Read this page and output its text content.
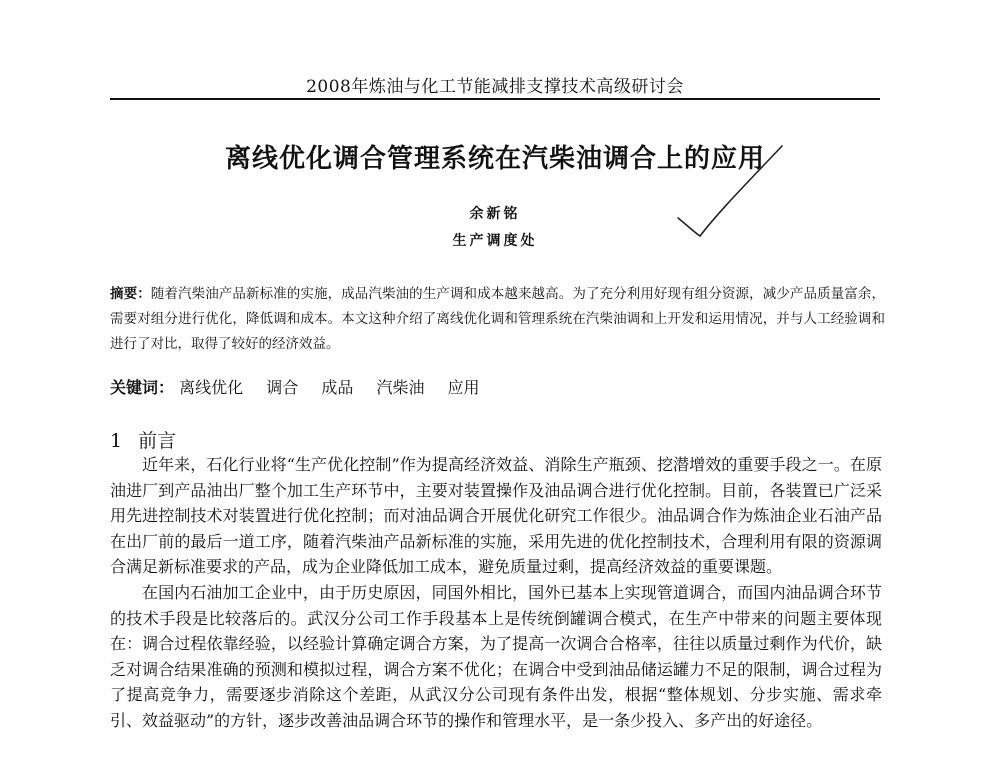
2008年炼油与化工节能减排支撑技术高级研讨会
离线优化调合管理系统在汽柴油调合上的应用
余新铭
生产调度处
摘要：随着汽柴油产品新标准的实施，成品汽柴油的生产调和成本越来越高。为了充分利用好现有组分资源，减少产品质量富余，需要对组分进行优化，降低调和成本。本文这种介绍了离线优化调和管理系统在汽柴油调和上开发和运用情况，并与人工经验调和进行了对比，取得了较好的经济效益。
关键词： 离线优化 调合 成品 汽柴油 应用
1 前言

近年来，石化行业将“生产优化控制”作为提高经济效益、消除生产瓶颈、挖潜增效的重要手段之一。在原油进厂到产品油出厂整个加工生产环节中，主要对装置操作及油品调合进行优化控制。目前，各装置已广泛采用先进控制技术对装置进行优化控制；而对油品调合开展优化研究工作很少。油品调合作为炼油企业石油产品在出厂前的最后一道工序，随着汽柴油产品新标准的实施，采用先进的优化控制技术，合理利用有限的资源调合满足新标准要求的产品，成为企业降低加工成本，避免质量过剩，提高经济效益的重要课题。

在国内石油加工企业中，由于历史原因，同国外相比，国外已基本上实现管道调合，而国内油品调合环节的技术手段是比较落后的。武汉分公司工作手段基本上是传统倒罐调合模式，在生产中带来的问题主要体现在：调合过程依靠经验，以经验计算确定调合方案，为了提高一次调合合格率，往往以质量过剩作为代价，缺乏对调合结果准确的预测和模拟过程，调合方案不优化；在调合中受到油品储运罐力不足的限制，调合过程为了提高竞争力，需要逐步消除这个差距，从武汉分公司现有条件出发，根据“整体规划、分步实施、需求牵引、效益驱动”的方针，逐步改善油品调合环节的操作和管理水平，是一条少投入、多产出的好途径。
